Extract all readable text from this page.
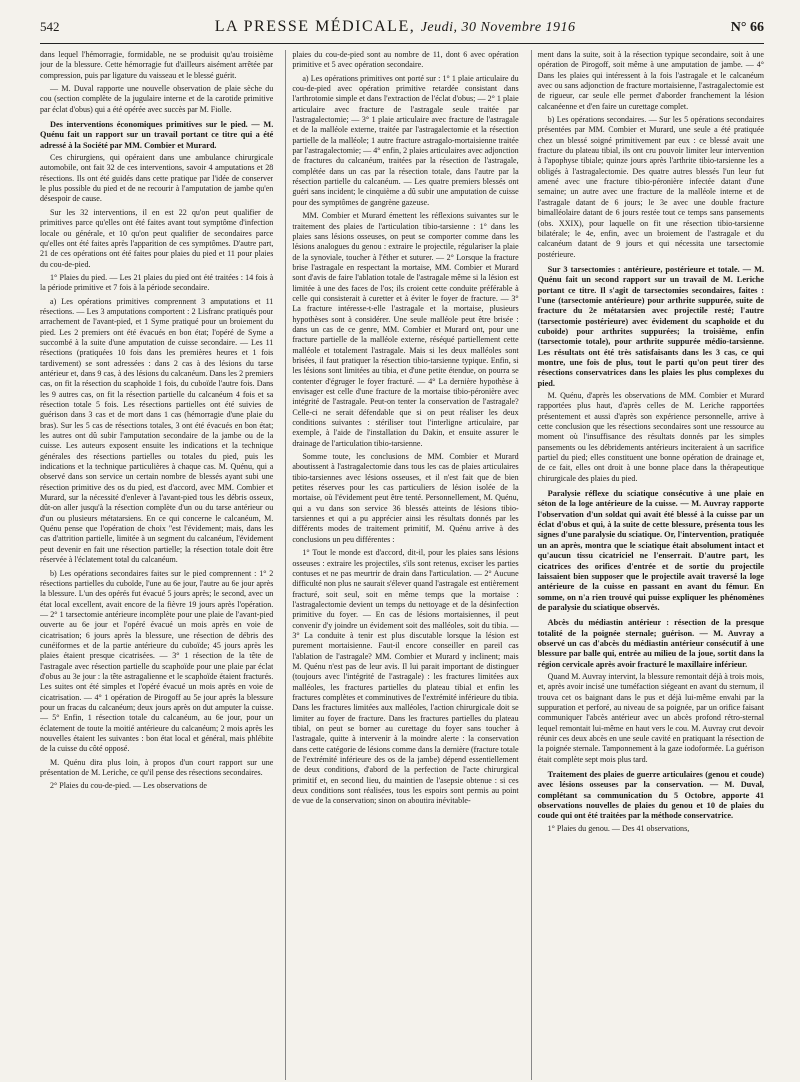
542	LA PRESSE MÉDICALE, Jeudi, 30 Novembre 1916	N° 66

dans lequel l'hémorragie, formidable, ne se produisit qu'au troisième jour de la blessure. Cette hémorragie fut d'ailleurs aisément arrêtée par compression, puis par ligature du vaisseau et le blessé guérit.

— M. Duval rapporte une nouvelle observation de plaie sèche du cou (section complète de la jugulaire interne et de la carotide primitive par éclat d'obus) qui a été opérée avec succès par M. Fiolle.

Des interventions économiques primitives sur le pied. — M. Quénu fait un rapport sur un travail portant ce titre qui a été adressé à la Société par MM. Combier et Murard.

Ces chirurgiens, qui opéraient dans une ambulance chirurgicale automobile, ont fait 32 de ces interventions, savoir 4 amputations et 28 résections. Ils ont été guidés dans cette pratique par l'idée de conserver le plus possible du pied et de ne recourir à l'amputation de jambe qu'en désespoir de cause.

Sur les 32 interventions, il en est 22 qu'on peut qualifier de primitives parce qu'elles ont été faites avant tout symptôme d'infection locale ou générale, et 10 qu'on peut qualifier de secondaires parce qu'elles ont été faites après l'apparition de ces symptômes. D'autre part, 21 de ces opérations ont été faites pour plaies du pied et 11 pour plaies du cou-de-pied.

1° Plaies du pied. — Les 21 plaies du pied ont été traitées : 14 fois à la période primitive et 7 fois à la période secondaire.

a) Les opérations primitives comprennent 3 amputations et 11 résections. — Les 3 amputations comportent : 2 Lisfranc pratiqués pour arrachement de l'avant-pied, et 1 Syme pratiqué pour un broiement du pied. Les 2 premiers ont été évacués en bon état; l'opéré de Syme a succombé à la suite d'une amputation de cuisse secondaire. — Les 11 résections (pratiquées 10 fois dans les premières heures et 1 fois tardivement) se sont adressées : dans 2 cas à des lésions du tarse antérieur et, dans 9 cas, à des lésions du calcanéum. Dans les 2 premiers cas, on fit la résection du scaphoïde 1 fois, du cuboïde l'autre fois. Dans les 9 autres cas, on fit la résection partielle du calcanéum 4 fois et sa résection totale 5 fois. Les résections partielles ont été suivies de guérison dans 3 cas et de mort dans 1 cas (hémorragie d'une plaie du bras). Sur les 5 cas de résections totales, 3 ont été évacués en bon état; les autres ont dû subir l'amputation secondaire de la jambe ou de la cuisse. Les auteurs exposent ensuite les indications et la technique générales des résections partielles ou totales du pied, puis les indications et la technique particulières à chaque cas. M. Quénu, qui a observé dans son service un certain nombre de blessés ayant subi une résection primitive des os du pied, est d'accord, avec MM. Combier et Murard, sur la nécessité d'enlever à l'avant-pied tous les débris osseux, dût-on aller jusqu'à la résection complète d'un ou du tarse antérieur ou d'un ou plusieurs métatarsiens. En ce qui concerne le calcanéum, M. Quénu pense que l'opération de choix "est l'évidement; mais, dans les cas d'attrition partielle, limitée à un segment du calcanéum, l'évidement peut devenir en fait une résection partielle; la résection totale doit être réservée à l'éclatement total du calcanéum.

b) Les opérations secondaires faites sur le pied comprennent : 1° 2 résections partielles du cuboïde, l'une au 6e jour, l'autre au 6e jour après la blessure. L'un des opérés fut évacué 5 jours après; le second, avec un état local excellent, avait encore de la fièvre 19 jours après l'opération. — 2° 1 tarsectomie antérieure incomplète pour une plaie de l'avant-pied ouverte au 6e jour et l'opéré évacué un mois après en voie de cicatrisation; 6 jours après la blessure, une résection de débris des cunéiformes et de la partie antérieure du cuboïde; 45 jours après les plaies étaient presque cicatrisées. — 3° 1 résection de la tête de l'astragale avec résection partielle du scaphoïde pour une plaie par éclat d'obus au 3e jour : la tête astragalienne et le scaphoïde étaient fracturés. Les suites ont été simples et l'opéré évacué un mois après en voie de cicatrisation. — 4° 1 opération de Pirogoff au 5e jour après la blessure pour un fracas du calcanéum; deux jours après on dut amputer la cuisse. — 5° Enfin, 1 résection totale du calcanéum, au 6e jour, pour un éclatement de toute la moitié antérieure du calcanéum; 2 mois après les nouvelles étaient les suivantes : bon état local et général, mais phlébite de la cuisse du côté opposé.

M. Quénu dira plus loin, à propos d'un court rapport sur une présentation de M. Leriche, ce qu'il pense des résections secondaires.

2° Plaies du cou-de-pied. — Les observations de

plaies du cou-de-pied sont au nombre de 11, dont 6 avec opération primitive et 5 avec opération secondaire.

a) Les opérations primitives ont porté sur : 1° 1 plaie articulaire du cou-de-pied avec opération primitive retardée consistant dans l'arthrotomie simple et dans l'extraction de l'éclat d'obus; — 2° 1 plaie articulaire avec fracture de l'astragale seule traitée par l'astragalectomie; — 3° 1 plaie articulaire avec fracture de l'astragale et de la malléole externe, traitée par l'astragalectomie et la résection partielle de la malléole; 1 autre fracture astragalo-mortaisienne traitée par l'astragalectomie; — 4° enfin, 2 plaies articulaires avec adjonction de fractures du calcanéum, traitées par la résection de l'astragale, complétée dans un cas par la résection totale, dans l'autre par la résection partielle du calcanéum. — Les quatre premiers blessés ont guéri sans incident; le cinquième a dû subir une amputation de cuisse pour des symptômes de gangrène gazeuse.

MM. Combier et Murard émettent les réflexions suivantes sur le traitement des plaies de l'articulation tibio-tarsienne : 1° dans les plaies sans lésions osseuses, on peut se comporter comme dans les lésions analogues du genou : extraire le projectile, régulariser la plaie de la synoviale, toucher à l'éther et suturer. — 2° Lorsque la fracture brise l'astragale en respectant la mortaise, MM. Combier et Murard sont d'avis de faire l'ablation totale de l'astragale même si la lésion est limitée à une des faces de l'os; ils croient cette conduite préférable à celle qui consisterait à curetter et à éviter le foyer de fracture. — 3° La fracture intéresse-t-elle l'astragale et la mortaise, plusieurs hypothèses sont à considérer. Une seule malléole peut être brisée : dans un cas de ce genre, MM. Combier et Murard ont, pour une fracture partielle de la malléole externe, réséqué partiellement cette malléole et totalement l'astragale. Mais si les deux malléoles sont brisées, il faut pratiquer la résection tibio-tarsienne typique. Enfin, si les lésions sont limitées au tibia, et d'une petite étendue, on pourra se contenter d'égruger le foyer fracturé. — 4° La dernière hypothèse à envisager est celle d'une fracture de la mortaise tibio-péronière avec intégrité de l'astragale. Peut-on tenter la conservation de l'astragale? Celle-ci ne serait défendable que si on peut réaliser les deux conditions suivantes : stériliser tout l'interligne articulaire, par exemple, à l'aide de l'installation du Dakin, et ensuite assurer le drainage de l'articulation tibio-tarsienne.

Somme toute, les conclusions de MM. Combier et Murard aboutissent à l'astragalectomie dans tous les cas de plaies articulaires tibio-tarsiennes avec lésions osseuses, et il n'est fait que de bien petites réserves pour les cas particuliers de lésion isolée de la mortaise, où l'évidement peut être tenté. Personnellement, M. Quénu, qui a vu dans son service 36 blessés atteints de lésions tibio-tarsiennes et qui a pu apprécier ainsi les résultats donnés par les différents modes de traitement primitif, M. Quénu arrive à des conclusions un peu différentes :

1° Tout le monde est d'accord, dit-il, pour les plaies sans lésions osseuses : extraire les projectiles, s'ils sont retenus, exciser les parties contuses et ne pas meurtrir de drain dans l'articulation. — 2° Aucune difficulté non plus ne saurait s'élever quand l'astragale est entièrement fracturé, soit seul, soit en même temps que la mortaise : l'astragalectomie devient un temps du nettoyage et de la désinfection primitive du foyer. — En cas de lésions mortaisiennes, il peut convenir d'y joindre un évidement soit des malléoles, soit du tibia. — 3° La conduite à tenir est plus discutable lorsque la lésion est purement mortaisienne. Faut-il encore conseiller en pareil cas l'ablation de l'astragale? MM. Combier et Murard y inclinent; mais M. Quénu n'est pas de leur avis. Il lui parait important de distinguer (toujours avec l'intégrité de l'astragale) : les fractures limitées aux malléoles, les fractures partielles du plateau tibial et enfin les fractures complètes et comminutives de l'extrémité inférieure du tibia. Dans les fractures limitées aux malléoles, l'action chirurgicale doit se limiter au foyer de fracture. Dans les fractures partielles du plateau tibial, on peut se borner au curettage du foyer sans toucher à l'astragale, quitte à intervenir à la moindre alerte : la conservation dans cette catégorie de lésions comme dans la dernière (fracture totale de l'extrémité inférieure des os de la jambe) dépend essentiellement de deux conditions, d'abord de la perfection de l'acte chirurgical primitif et, en second lieu, du maintien de l'asepsie obtenue : si ces deux conditions sont réalisées, tous les espoirs sont permis au point de vue de la conservation; sinon on aboutira inévitable-

ment dans la suite, soit à la résection typique secondaire, soit à une opération de Pirogoff, soit même à une amputation de jambe. — 4° Dans les plaies qui intéressent à la fois l'astragale et le calcanéum avec ou sans adjonction de fracture mortaisienne, l'astragalectomie est de rigueur, car seule elle permet d'aborder franchement la lésion calcanéenne et d'en faire un curettage complet.

b) Les opérations secondaires. — Sur les 5 opérations secondaires présentées par MM. Combier et Murard, une seule a été pratiquée chez un blessé soigné primitivement par eux : ce blessé avait une fracture du plateau tibial, ils ont cru pouvoir limiter leur intervention à l'apophyse tibiale; quinze jours après l'arthrite tibio-tarsienne les a obligés à l'astragalectomie. Des quatre autres blessés l'un leur fut amené avec une fracture tibio-péronière infectée datant d'une semaine; un autre avec une fracture de la malléole interne et de l'astragale datant de 6 jours; le 3e avec une double fracture bimalléolaire datant de 6 jours restée tout ce temps sans pansements (obs. XXIX), pour laquelle on fit une résection tibio-tarsienne bilatérale; le 4e, enfin, avec un broiement de l'astragale et du calcanéum datant de 9 jours et qui nécessita une tarsectomie postérieure.

Sur 3 tarsectomies : antérieure, postérieure et totale. — M. Quénu fait un second rapport sur un travail de M. Leriche portant ce titre. Il s'agit de tarsectomies secondaires, faites : l'une (tarsectomie antérieure) pour arthrite suppurée, suite de fracture du 2e métatarsien avec projectile resté; l'autre (tarsectomie postérieure) avec évidement du scaphoïde et du cuboïde) pour arthrites suppurées; la troisième, enfin (tarsectomie totale), pour arthrite suppurée médio-tarsienne. Les résultats ont été très satisfaisants dans les 3 cas, ce qui montre, une fois de plus, tout le parti qu'on peut tirer des résections conservatrices dans les plaies les plus complexes du pied.

M. Quénu, d'après les observations de MM. Combier et Murard rapportées plus haut, d'après celles de M. Leriche rapportées présentement et aussi d'après son expérience personnelle, arrive à cette conclusion que les résections secondaires sont une ressource au moment où l'insuffisance des résultats donnés par les simples pansements ou les débridements antérieurs inciteraient à un sacrifice partiel du pied; elles constituent une bonne opération de drainage et, de ce fait, elles ont droit à une bonne place dans la thérapeutique chirurgicale des plaies du pied.

Paralysie réflexe du sciatique consécutive à une plaie en séton de la loge antérieure de la cuisse. — M. Auvray rapporte l'observation d'un soldat qui avait été blessé à la cuisse par un éclat d'obus et qui, à la suite de cette blessure, présenta tous les signes d'une paralysie du sciatique. Or, l'intervention, pratiquée un an après, montra que le sciatique était absolument intact et qu'aucun tissu cicatriciel ne l'enserrait. D'autre part, les cicatrices des orifices d'entrée et de sortie du projectile laissaient bien supposer que le projectile avait traversé la loge antérieure de la cuisse en passant en avant du fémur. En somme, on n'a rien trouvé qui puisse expliquer les phénomènes de paralysie du sciatique observés.
Abcès du médiastin antérieur : résection de la presque totalité de la poignée sternale; guérison. — M. Auvray a observé un cas d'abcès du médiastin antérieur consécutif à une blessure par balle qui, entrée au milieu de la joue, sortit dans la région cervicale après avoir fracturé le maxillaire inférieur.

Quand M. Auvray intervint, la blessure remontait déjà à trois mois, et, après avoir incisé une tuméfaction siégeant en avant du sternum, il trouva cet os baignant dans le pus et déjà lui-même envahi par la suppuration et perforé, au niveau de sa poignée, par un orifice faisant communiquer l'abcès antérieur avec un abcès profond rétro-sternal lequel remontait lui-même en haut vers le cou. M. Auvray crut devoir réunir ces deux abcès en une seule cavité en pratiquant la résection de la poignée sternale. Tamponnement à la gaze iodoformée. La guérison était complète sept mois plus tard.

Traitement des plaies de guerre articulaires (genou et coude) avec lésions osseuses par la conservation. — M. Duval, complétant sa communication du 5 Octobre, apporte 41 observations nouvelles de plaies du genou et 10 de plaies du coude qui ont été traitées par la méthode conservatrice.

1° Plaies du genou. — Des 41 observations,
